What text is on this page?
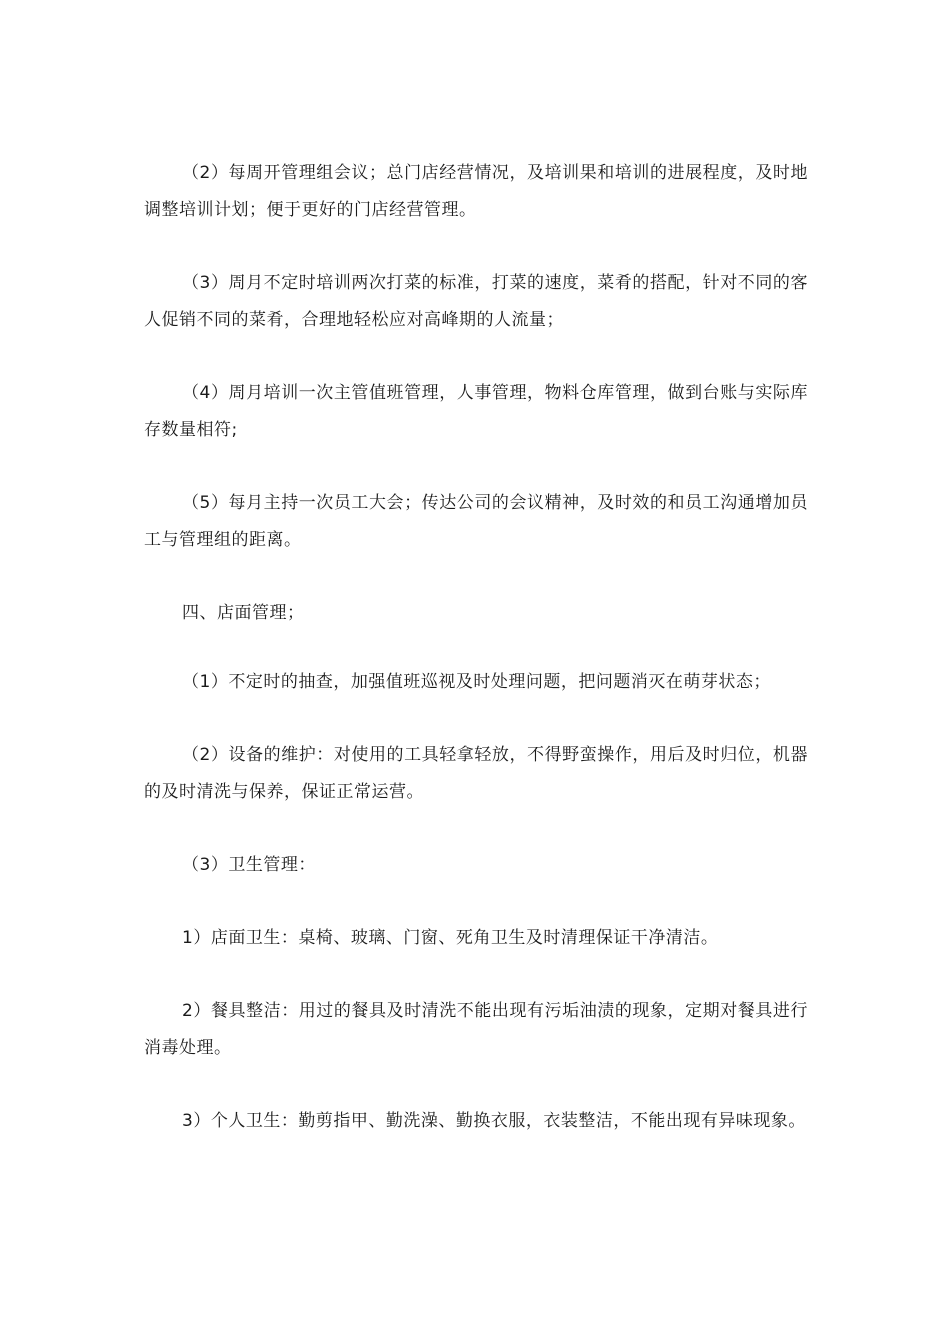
（2）每周开管理组会议；总门店经营情况，及培训果和培训的进展程度，及时地调整培训计划；便于更好的门店经营管理。

（3）周月不定时培训两次打菜的标准，打菜的速度，菜肴的搭配，针对不同的客人促销不同的菜肴，合理地轻松应对高峰期的人流量；

（4）周月培训一次主管值班管理，人事管理，物料仓库管理，做到台账与实际库存数量相符;

（5）每月主持一次员工大会；传达公司的会议精神，及时效的和员工沟通增加员工与管理组的距离。

四、店面管理；

（1）不定时的抽查，加强值班巡视及时处理问题，把问题消灭在萌芽状态；

（2）设备的维护：对使用的工具轻拿轻放，不得野蛮操作，用后及时归位，机器的及时清洗与保养，保证正常运营。

（3）卫生管理：

1）店面卫生：桌椅、玻璃、门窗、死角卫生及时清理保证干净清洁。

2）餐具整洁：用过的餐具及时清洗不能出现有污垢油渍的现象，定期对餐具进行消毒处理。

3）个人卫生：勤剪指甲、勤洗澡、勤换衣服，衣装整洁，不能出现有异味现象。
